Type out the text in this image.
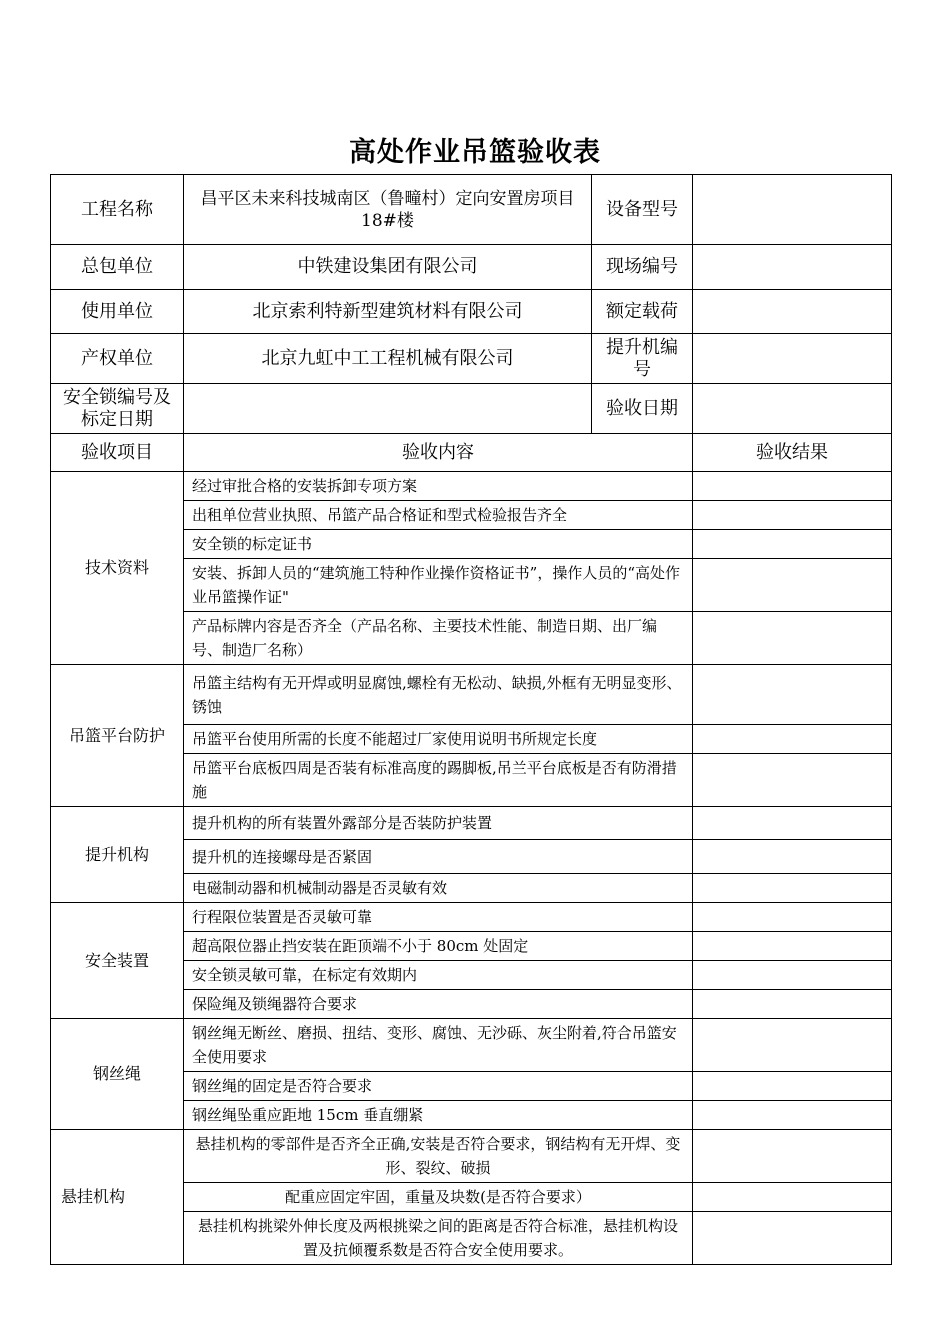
高处作业吊篮验收表
工程名称	昌平区未来科技城南区（鲁疃村）定向安置房项目 18#楼	设备型号	
总包单位	中铁建设集团有限公司	现场编号	
使用单位	北京索利特新型建筑材料有限公司	额定载荷	
产权单位	北京九虹中工工程机械有限公司	提升机编号	
安全锁编号及标定日期		验收日期	
验收项目	验收内容		验收结果
技术资料	经过审批合格的安装拆卸专项方案		
	出租单位营业执照、吊篮产品合格证和型式检验报告齐全		
	安全锁的标定证书		
	安装、拆卸人员的“建筑施工特种作业操作资格证书”，操作人员的“高处作业吊篮操作证"		
	产品标牌内容是否齐全（产品名称、主要技术性能、制造日期、出厂编号、制造厂名称）		
吊篮平台防护	吊篮主结构有无开焊或明显腐蚀,螺栓有无松动、缺损,外框有无明显变形、锈蚀		
	吊篮平台使用所需的长度不能超过厂家使用说明书所规定长度		
	吊篮平台底板四周是否装有标准高度的踢脚板,吊兰平台底板是否有防滑措施		
提升机构	提升机构的所有装置外露部分是否装防护装置		
	提升机的连接螺母是否紧固		
	电磁制动器和机械制动器是否灵敏有效		
安全装置	行程限位装置是否灵敏可靠		
	超高限位器止挡安装在距顶端不小于 80cm 处固定		
	安全锁灵敏可靠，在标定有效期内		
	保险绳及锁绳器符合要求		
钢丝绳	钢丝绳无断丝、磨损、扭结、变形、腐蚀、无沙砾、灰尘附着,符合吊篮安全使用要求		
	钢丝绳的固定是否符合要求		
	钢丝绳坠重应距地 15cm 垂直绷紧		
悬挂机构	悬挂机构的零部件是否齐全正确,安装是否符合要求，钢结构有无开焊、变形、裂纹、破损		
	配重应固定牢固，重量及块数(是否符合要求）		
	悬挂机构挑梁外伸长度及两根挑梁之间的距离是否符合标准，悬挂机构设置及抗倾覆系数是否符合安全使用要求。		
